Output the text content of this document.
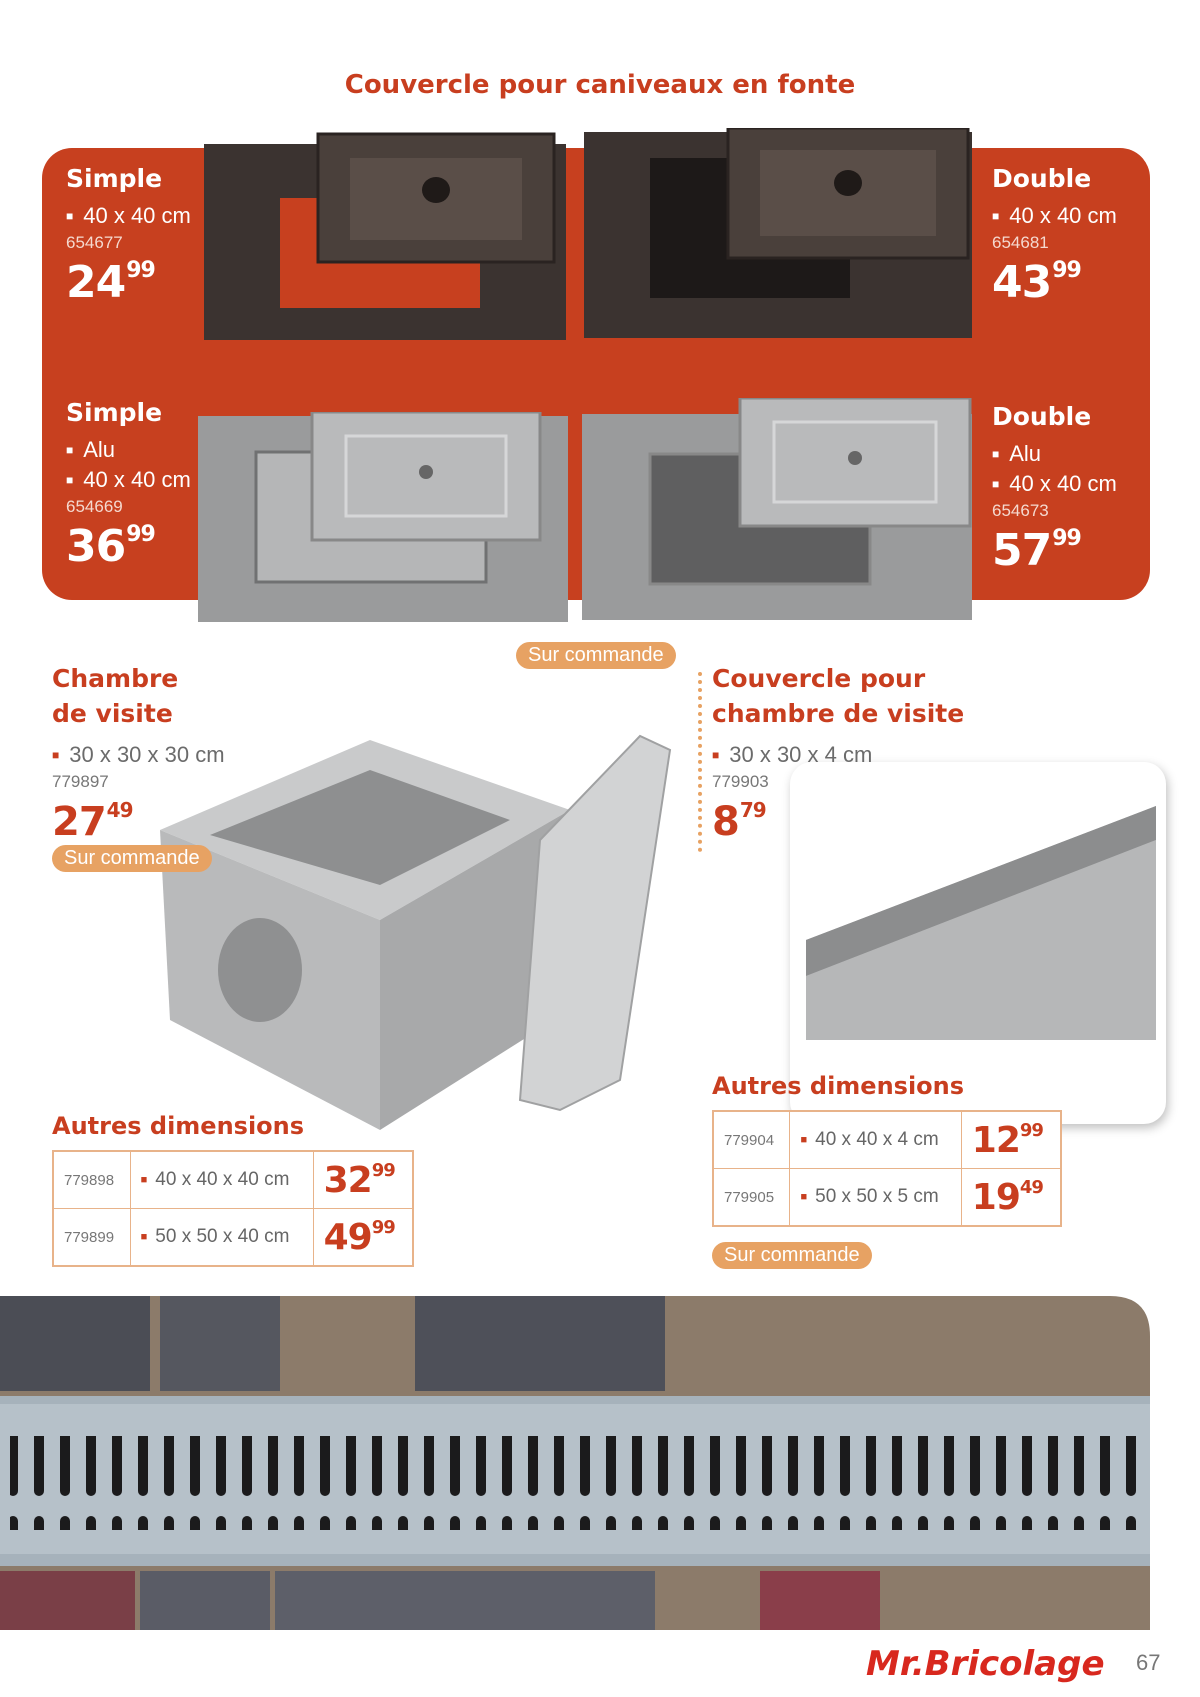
Couvercle pour caniveaux en fonte
Simple
■ 40 x 40 cm
654677
$24^{99}$
Double
■ 40 x 40 cm
654681
$43^{99}$
Simple
■ Alu
■ 40 x 40 cm
654669
$36^{99}$
Double
■ Alu
■ 40 x 40 cm
654673
$57^{99}$
Sur commande
Chambre
de visite
■ 30 x 30 x 30 cm
779897
$27^{49}$
Sur commande
Autres dimensions
779898	■ 40 x 40 x 40 cm	$32^{99}$
779899	■ 50 x 50 x 40 cm	$49^{99}$
Couvercle pour
chambre de visite
■ 30 x 30 x 4 cm
779903
$8^{79}$
Autres dimensions
779904	■ 40 x 40 x 4 cm	$12^{99}$
779905	■ 50 x 50 x 5 cm	$19^{49}$
Sur commande
Mr.Bricolage 67
